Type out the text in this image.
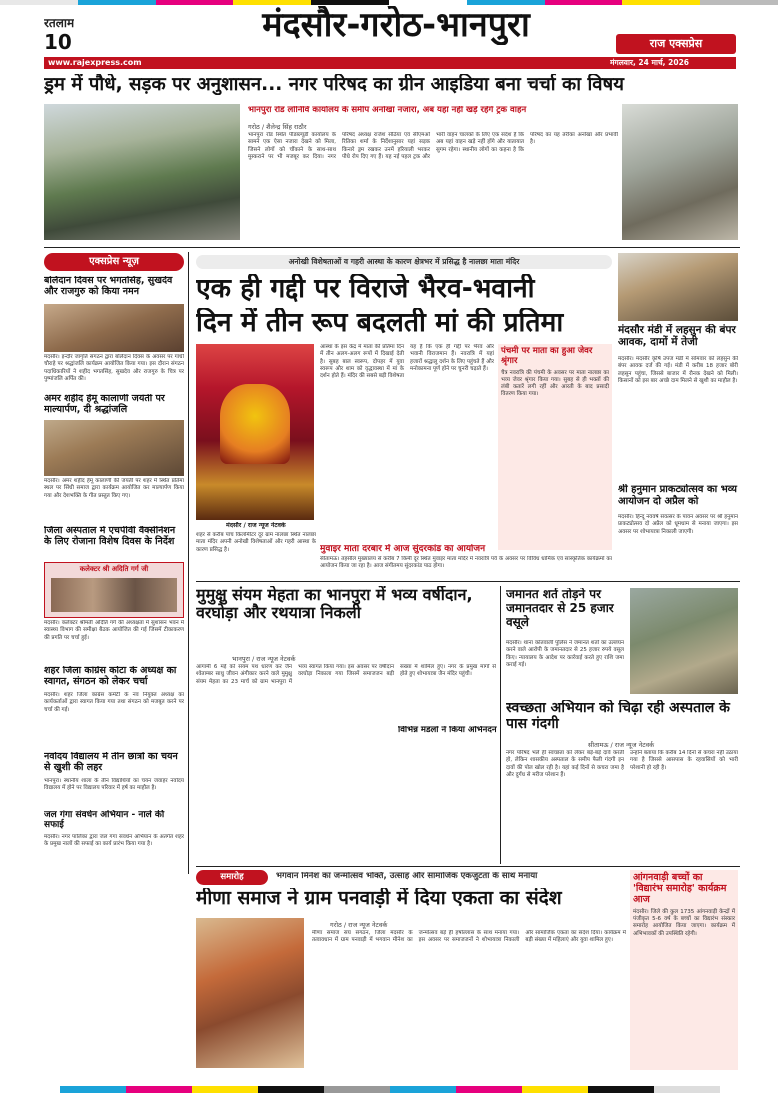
रतलाम
10	मंदसौर-गरोठ-भानपुरा	राज एक्सप्रेस
www.rajexpress.com	मंगलवार, 24 मार्च, 2026
ड्रम में पौधे, सड़क पर अनुशासन... नगर परिषद का ग्रीन आइडिया बना चर्चा का विषय
भानपुरा रोड लोनिवि कार्यालय के समीप अनोखा नजारा, अब यहां नहीं खड़े रहेंगे ट्रक वाहन
गरोठ / शैलेन्द्र सिंह राठौर
भानपुरा रोड स्थित पीडब्ल्यूडी कार्यालय के सामने एक ऐसा नजारा देखने को मिला, जिसने लोगों को चौंकाने के साथ-साथ मुस्कराने पर भी मजबूर कर दिया। नगर परिषद अध्यक्ष राजेश सेठिया एवं सीएमओ रितिका शर्मा के निर्देशानुसार यहां सड़क किनारे ड्रम रखकर उनमें हरियाली भरकर पौधे रोप दिए गए हैं। यह नई पहल ट्रक और भारी वाहन चालकों के लिए एक संदेश है कि अब यहां वाहन खड़े नहीं होंगे और यातायात सुगम रहेगा। स्थानीय लोगों का कहना है कि परिषद का यह तरीका अनोखा और प्रभावी है।
एक्सप्रेस न्यूज़
बलिदान दिवस पर भगतसिंह, सुखदेव और राजगुरु को किया नमन
मंदसौर। इन्दौर जागृति संगठन द्वारा बलिदान दिवस के अवसर पर गांधी चौराहे पर श्रद्धांजलि कार्यक्रम आयोजित किया गया। इस दौरान संगठन पदाधिकारियों ने शहीद भगतसिंह, सुखदेव और राजगुरु के चित्र पर पुष्पांजलि अर्पित की।
अमर शहीद हेमू कालाणी जयंती पर माल्यार्पण, दी श्रद्धांजलि
मंदसौर। अमर शहीद हेमू कालाणी की जयंती पर शहर में स्थित प्रतिमा स्थल पर सिंधी समाज द्वारा कार्यक्रम आयोजित कर माल्यार्पण किया गया और देशभक्ति के गीत प्रस्तुत किए गए।
जिला अस्पताल में एचपीवी वैक्सीनेशन के लिए रोजाना विशेष दिवस के निर्देश
कलेक्टर श्री अदिति गर्ग जी
मंदसौर। कलेक्टर श्रीमती अदिति गर्ग की अध्यक्षता में सुशासन भवन में स्वास्थ्य विभाग की समीक्षा बैठक आयोजित की गई जिसमें टीकाकरण की प्रगति पर चर्चा हुई।
शहर जिला कांग्रेस कोटा के अध्यक्ष का स्वागत, संगठन को लेकर चर्चा
मंदसौर। शहर जिला कांग्रेस कमेटी के नव नियुक्त अध्यक्ष का कार्यकर्ताओं द्वारा स्वागत किया गया तथा संगठन को मजबूत करने पर चर्चा की गई।
नवोदय विद्यालय में तीन छात्रों का चयन से खुशी की लहर
भानपुरा। स्थानीय शाला के तीन विद्यार्थियों का चयन जवाहर नवोदय विद्यालय में होने पर विद्यालय परिवार में हर्ष का माहौल है।
जल गंगा संवर्धन अभियान - नाले की सफाई
मंदसौर। नगर पालिका द्वारा जल गंगा संवर्धन अभियान के अंतर्गत शहर के प्रमुख नालों की सफाई का कार्य प्रारंभ किया गया है।
अनोखी विशेषताओं व गहरी आस्था के कारण क्षेत्रभर में प्रसिद्ध है नालछा माता मंदिर
एक ही गद्दी पर विराजे भैरव-भवानी
दिन में तीन रूप बदलती मां की प्रतिमा
मंदसौर / राज न्यूज नेटवर्क
शहर से करीब पांच किलोमीटर दूर ग्राम नालछा स्थित नालछा माता मंदिर अपनी अनोखी विशेषताओं और गहरी आस्था के कारण प्रसिद्ध है।
आस्था के इस केंद्र में माता की प्रतिमा दिन में तीन अलग-अलग रूपों में दिखाई देती है। सुबह बाल स्वरूप, दोपहर में युवा स्वरूप और शाम को वृद्धावस्था में मां के दर्शन होते हैं। मंदिर की सबसे बड़ी विशेषता यह है कि एक ही गद्दी पर भैरव और भवानी विराजमान हैं। नवरात्रि में यहां हजारों श्रद्धालु दर्शन के लिए पहुंचते हैं और मनोकामना पूर्ण होने पर चुनरी चढ़ाते हैं।
पंचमी पर माता का हुआ जेवर श्रृंगार
चैत्र नवरात्रि की पंचमी के अवसर पर माता नालछा का भव्य जेवर श्रृंगार किया गया। सुबह से ही भक्तों की लंबी कतारें लगी रहीं और आरती के बाद प्रसादी वितरण किया गया।
मुवाइर माता दरबार में आज सुंदरकांड का आयोजन
सीतामऊ। तहसील मुख्यालय से करीब 7 किमी दूर स्थित मुवाइर माता मंदिर में नवरात्रि पर्व के अवसर पर विविध धार्मिक एवं सांस्कृतिक कार्यक्रमों का आयोजन किया जा रहा है। आज संगीतमय सुंदरकांड पाठ होगा।
मंदसौर मंडी में लहसुन की बंपर आवक, दामों में तेजी
मंदसौर। मंदसौर कृषि उपज मंडी में सोमवार को लहसुन की बंपर आवक दर्ज की गई। मंडी में करीब 18 हजार बोरी लहसुन पहुंचा, जिससे बाजार में रौनक देखने को मिली। किसानों को इस बार अच्छे दाम मिलने से खुशी का माहौल है।
श्री हनुमान प्राकट्योत्सव का भव्य आयोजन दो अप्रैल को
मंदसौर। हिन्दू नववर्ष संवत्सर के पावन अवसर पर श्री हनुमान प्राकट्योत्सव दो अप्रैल को धूमधाम से मनाया जाएगा। इस अवसर पर शोभायात्रा निकाली जाएगी।
मुमुक्षु संयम मेहता का भानपुरा में भव्य वर्षीदान, वरघोड़ा और रथयात्रा निकली
भानपुरा / राज न्यूज नेटवर्क
आगामी 6 मई को संयम पथ धारण कर जैन श्वेताम्बर साधु जीवन अंगीकार करने वाले मुमुक्षु संयम मेहता का 23 मार्च को ग्राम भानपुरा में भव्य स्वागत किया गया। इस अवसर पर वर्षीदान वरघोड़ा निकाला गया जिसमें समाजजन बड़ी संख्या में शामिल हुए। नगर के प्रमुख मार्गों से होते हुए शोभायात्रा जैन मंदिर पहुंची।
विभिन्न मंडलों ने किया अभिनंदन
जमानत शर्त तोड़ने पर जमानतदार से 25 हजार वसूले
मंदसौर। थाना कोतवाली पुलिस ने जमानत शर्तों का उल्लंघन करने वाले आरोपी के जमानतदार से 25 हजार रुपये वसूल किए। न्यायालय के आदेश पर कार्रवाई करते हुए राशि जमा कराई गई।
स्वच्छता अभियान को चिढ़ा रही अस्पताल के पास गंदगी
सीतामऊ / राज न्यूज नेटवर्क
नगर परिषद भले ही स्वच्छता को लेकर बड़े-बड़े दावे करती हो, लेकिन शासकीय अस्पताल के समीप फैली गंदगी इन दावों की पोल खोल रही है। यहां कई दिनों से कचरा जमा है और दुर्गंध से मरीज परेशान हैं।
उन्होंने बताया कि करीब 14 दिनों से कचरा नहीं उठाया गया है जिससे आसपास के रहवासियों को भारी परेशानी हो रही है।
समारोह	भगवान मिनेश का जन्मोत्सव भक्ति, उत्साह और सामाजिक एकजुटता के साथ मनाया
मीणा समाज ने ग्राम पनवाड़ी में दिया एकता का संदेश
गरोठ / राज न्यूज नेटवर्क
मीणा समाज संघ संगठन, जिला मंदसौर के तत्वावधान में ग्राम पनवाड़ी में भगवान मीनेश का जन्मोत्सव बड़े ही हर्षोल्लास के साथ मनाया गया। इस अवसर पर समाजजनों ने शोभायात्रा निकाली और सामाजिक एकता का संदेश दिया। कार्यक्रम में बड़ी संख्या में महिलाएं और युवा शामिल हुए।
आंगनवाड़ी बच्चों का 'विद्यारंभ समारोह' कार्यक्रम आज
मंदसौर। जिले की कुल 1735 आंगनवाड़ी केन्द्रों में पंजीकृत 5-6 वर्ष के बच्चों का विद्यारंभ संस्कार समारोह आयोजित किया जाएगा। कार्यक्रम में अभिभावकों की उपस्थिति रहेगी।
